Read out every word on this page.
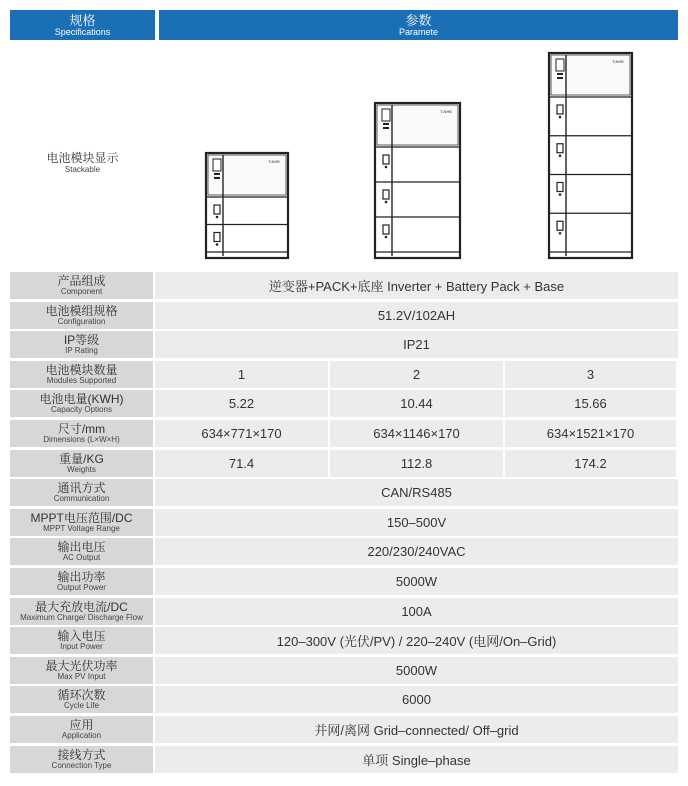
规格
Specifications
参数
Paramete
电池模块显示
Stackable
T-NHE
T-NHE
T-NHE
产品组成
Component	逆变器+PACK+底座 Inverter + Battery Pack + Base
电池模组规格
Configuration	51.2V/102AH
IP等级
IP Rating	IP21
电池模块数量
Modules Supported	1	2	3
电池电量(KWH)
Capacity Options	5.22	10.44	15.66
尺寸/mm
Dimensions (L×W×H)	634×771×170	634×1146×170	634×1521×170
重量/KG
Weights	71.4	112.8	174.2
通讯方式
Communication	CAN/RS485
MPPT电压范围/DC
MPPT Voltage Range	150–500V
输出电压
AC Output	220/230/240VAC
输出功率
Output Power	5000W
最大充放电流/DC
Maximum Charge/ Discharge Flow	100A
输入电压
Input Power	120–300V (光伏/PV) / 220–240V (电网/On–Grid)
最大光伏功率
Max PV Input	5000W
循环次数
Cycle Life	6000
应用
Application	并网/离网 Grid–connected/ Off–grid
接线方式
Connection Type	单项 Single–phase
